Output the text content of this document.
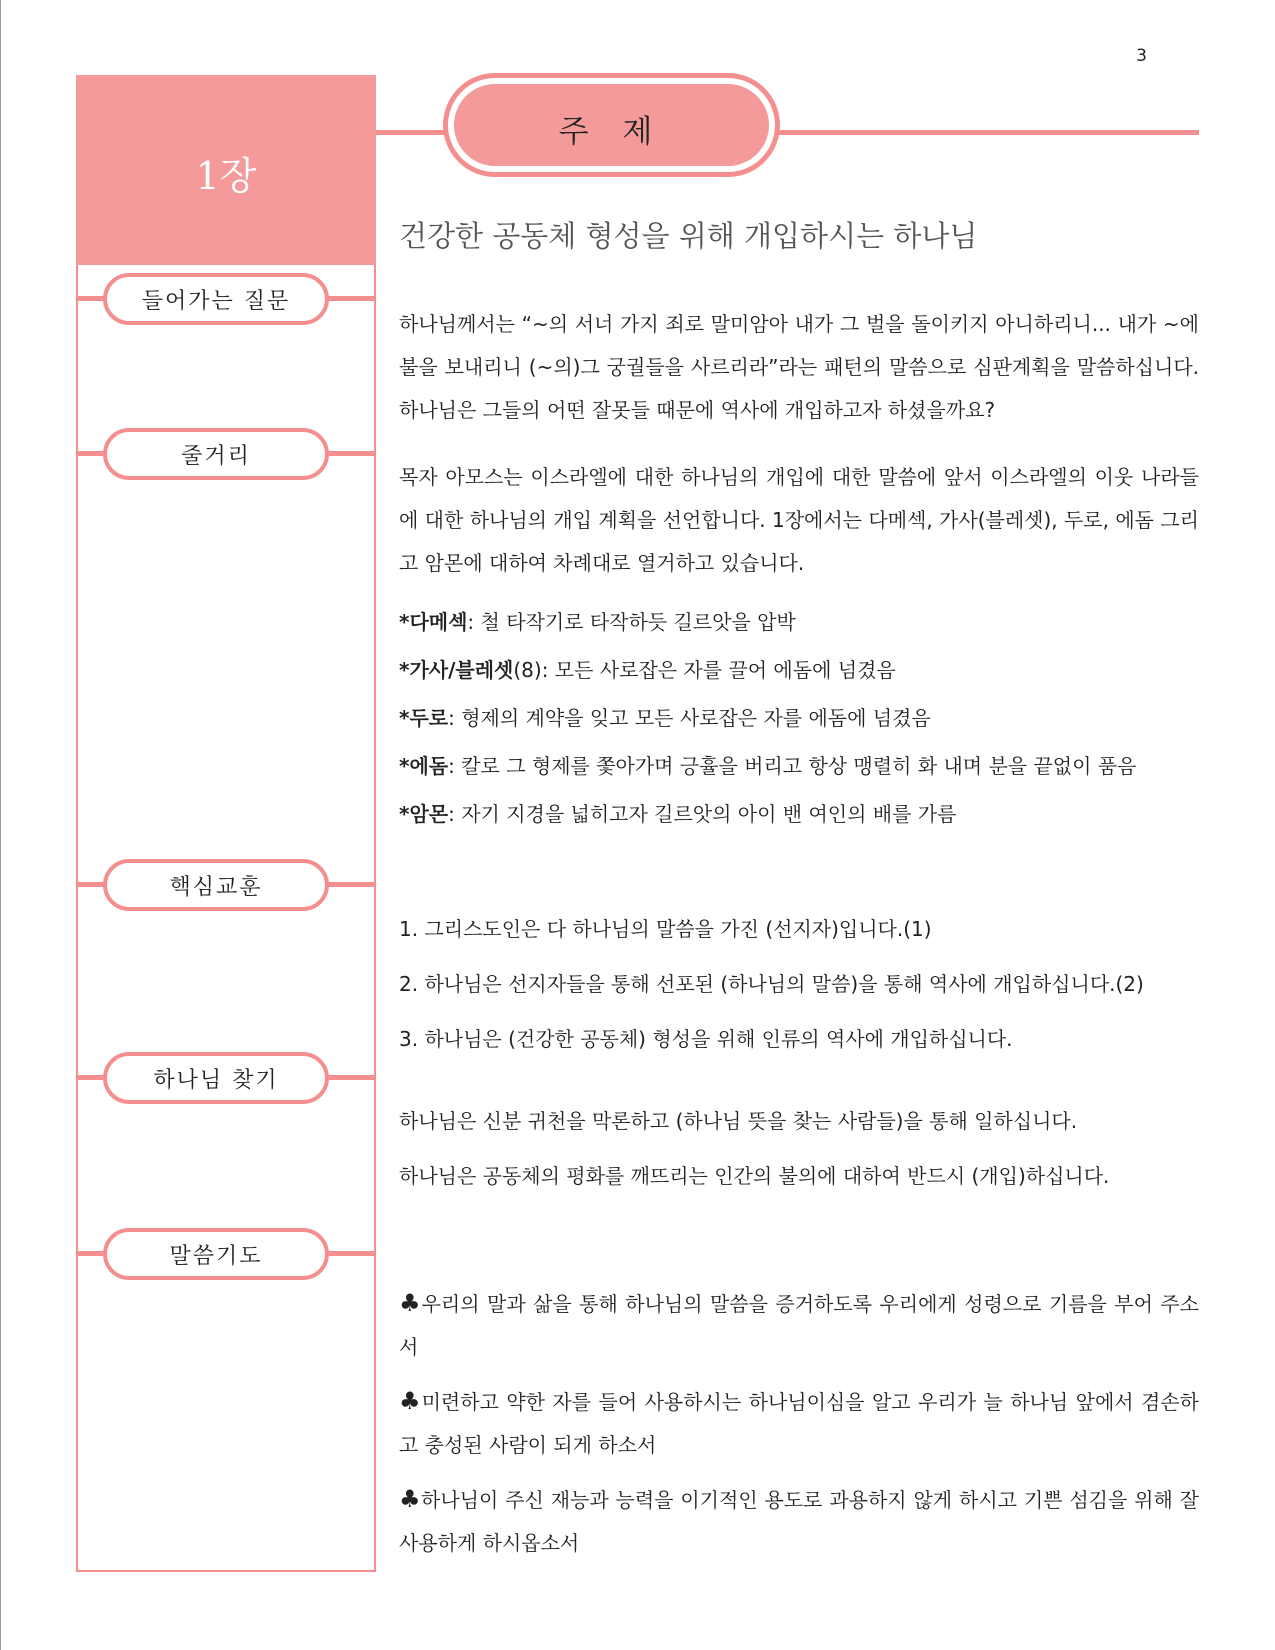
3
1장
주 제
들어가는 질문
줄거리
핵심교훈
하나님 찾기
말씀기도
건강한 공동체 형성을 위해 개입하시는 하나님

하나님께서는 “~의 서너 가지 죄로 말미암아 내가 그 벌을 돌이키지 아니하리니... 내가 ~에 불을 보내리니 (~의)그 궁궐들을 사르리라”라는 패턴의 말씀으로 심판계획을 말씀하십니다. 하나님은 그들의 어떤 잘못들 때문에 역사에 개입하고자 하셨을까요?

목자 아모스는 이스라엘에 대한 하나님의 개입에 대한 말씀에 앞서 이스라엘의 이웃 나라들에 대한 하나님의 개입 계획을 선언합니다. 1장에서는 다메섹, 가사(블레셋), 두로, 에돔 그리고 암몬에 대하여 차례대로 열거하고 있습니다.

*다메섹: 철 타작기로 타작하듯 길르앗을 압박
*가사/블레셋(8): 모든 사로잡은 자를 끌어 에돔에 넘겼음
*두로: 형제의 계약을 잊고 모든 사로잡은 자를 에돔에 넘겼음
*에돔: 칼로 그 형제를 쫓아가며 긍휼을 버리고 항상 맹렬히 화 내며 분을 끝없이 품음
*암몬: 자기 지경을 넓히고자 길르앗의 아이 밴 여인의 배를 가름
1. 그리스도인은 다 하나님의 말씀을 가진 (선지자)입니다.(1)
2. 하나님은 선지자들을 통해 선포된 (하나님의 말씀)을 통해 역사에 개입하십니다.(2)
3. 하나님은 (건강한 공동체) 형성을 위해 인류의 역사에 개입하십니다.
하나님은 신분 귀천을 막론하고 (하나님 뜻을 찾는 사람들)을 통해 일하십니다.
하나님은 공동체의 평화를 깨뜨리는 인간의 불의에 대하여 반드시 (개입)하십니다.

♣우리의 말과 삶을 통해 하나님의 말씀을 증거하도록 우리에게 성령으로 기름을 부어 주소서

♣미련하고 약한 자를 들어 사용하시는 하나님이심을 알고 우리가 늘 하나님 앞에서 겸손하고 충성된 사람이 되게 하소서

♣하나님이 주신 재능과 능력을 이기적인 용도로 과용하지 않게 하시고 기쁜 섬김을 위해 잘 사용하게 하시옵소서
